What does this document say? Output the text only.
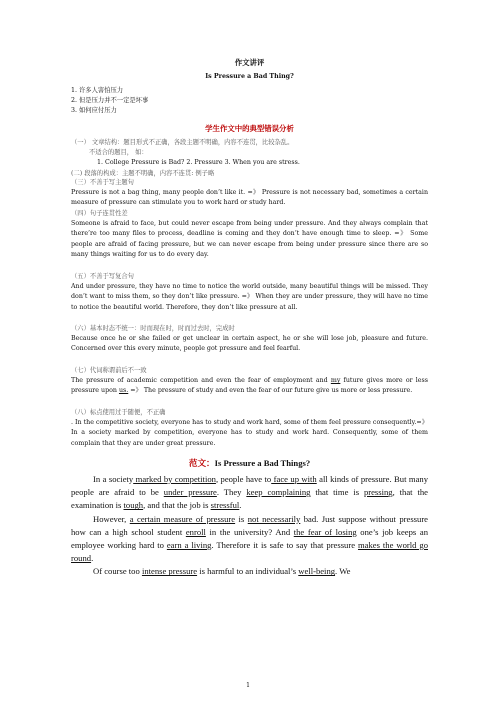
作文讲评
Is Pressure a Bad Thing?
1. 许多人害怕压力
2. 但是压力并不一定是坏事
3. 如何应付压力
学生作文中的典型错误分析
（一） 文章结构：题目形式不正确，各段主题不明确，内容不连贯，比较杂乱。
不适合的题目， 如：
1. College Pressure is Bad? 2. Pressure 3. When you are stress.
(二) 段落的构成：主题不明确，内容不连贯: 例子略
（三）不善于写主题句
Pressure is not a bag thing, many people don’t like it. =》 Pressure is not necessary bad, sometimes a certain measure of pressure can stimulate you to work hard or study hard.
（四）句子连贯性差
Someone is afraid to face, but could never escape from being under pressure. And they always complain that there’re too many files to process, deadline is coming and they don’t have enough time to sleep. =》 Some people are afraid of facing pressure, but we can never escape from being under pressure since there are so many things waiting for us to do every day.
（五）不善于写复合句
And under pressure, they have no time to notice the world outside, many beautiful things will be missed. They don’t want to miss them, so they don’t like pressure. =》 When they are under pressure, they will have no time to notice the beautiful world. Therefore, they don’t like pressure at all.
（六）基本时态不统一：时而现在时，时而过去时，完成时
Because once he or she failed or get unclear in certain aspect, he or she will lose job, pleasure and future. Concerned over this every minute, people got pressure and feel fearful.
（七）代词称谓前后不一致
The pressure of academic competition and even the fear of employment and my future gives more or less pressure upon us. =》 The pressure of study and even the fear of our future give us more or less pressure.
（八）标点使用过于随便，不正确
. In the competitive society, everyone has to study and work hard, some of them feel pressure consequently.=》 In a society marked by competition, everyone has to study and work hard. Consequently, some of them complain that they are under great pressure.
范文：Is Pressure a Bad Things?
In a society marked by competition, people have to face up with all kinds of pressure. But many people are afraid to be under pressure. They keep complaining that time is pressing, that the examination is tough, and that the job is stressful.
However, a certain measure of pressure is not necessarily bad. Just suppose without pressure how can a high school student enroll in the university? And the fear of losing one’s job keeps an employee working hard to earn a living. Therefore it is safe to say that pressure makes the world go round.
Of course too intense pressure is harmful to an individual’s well-being. We
1
